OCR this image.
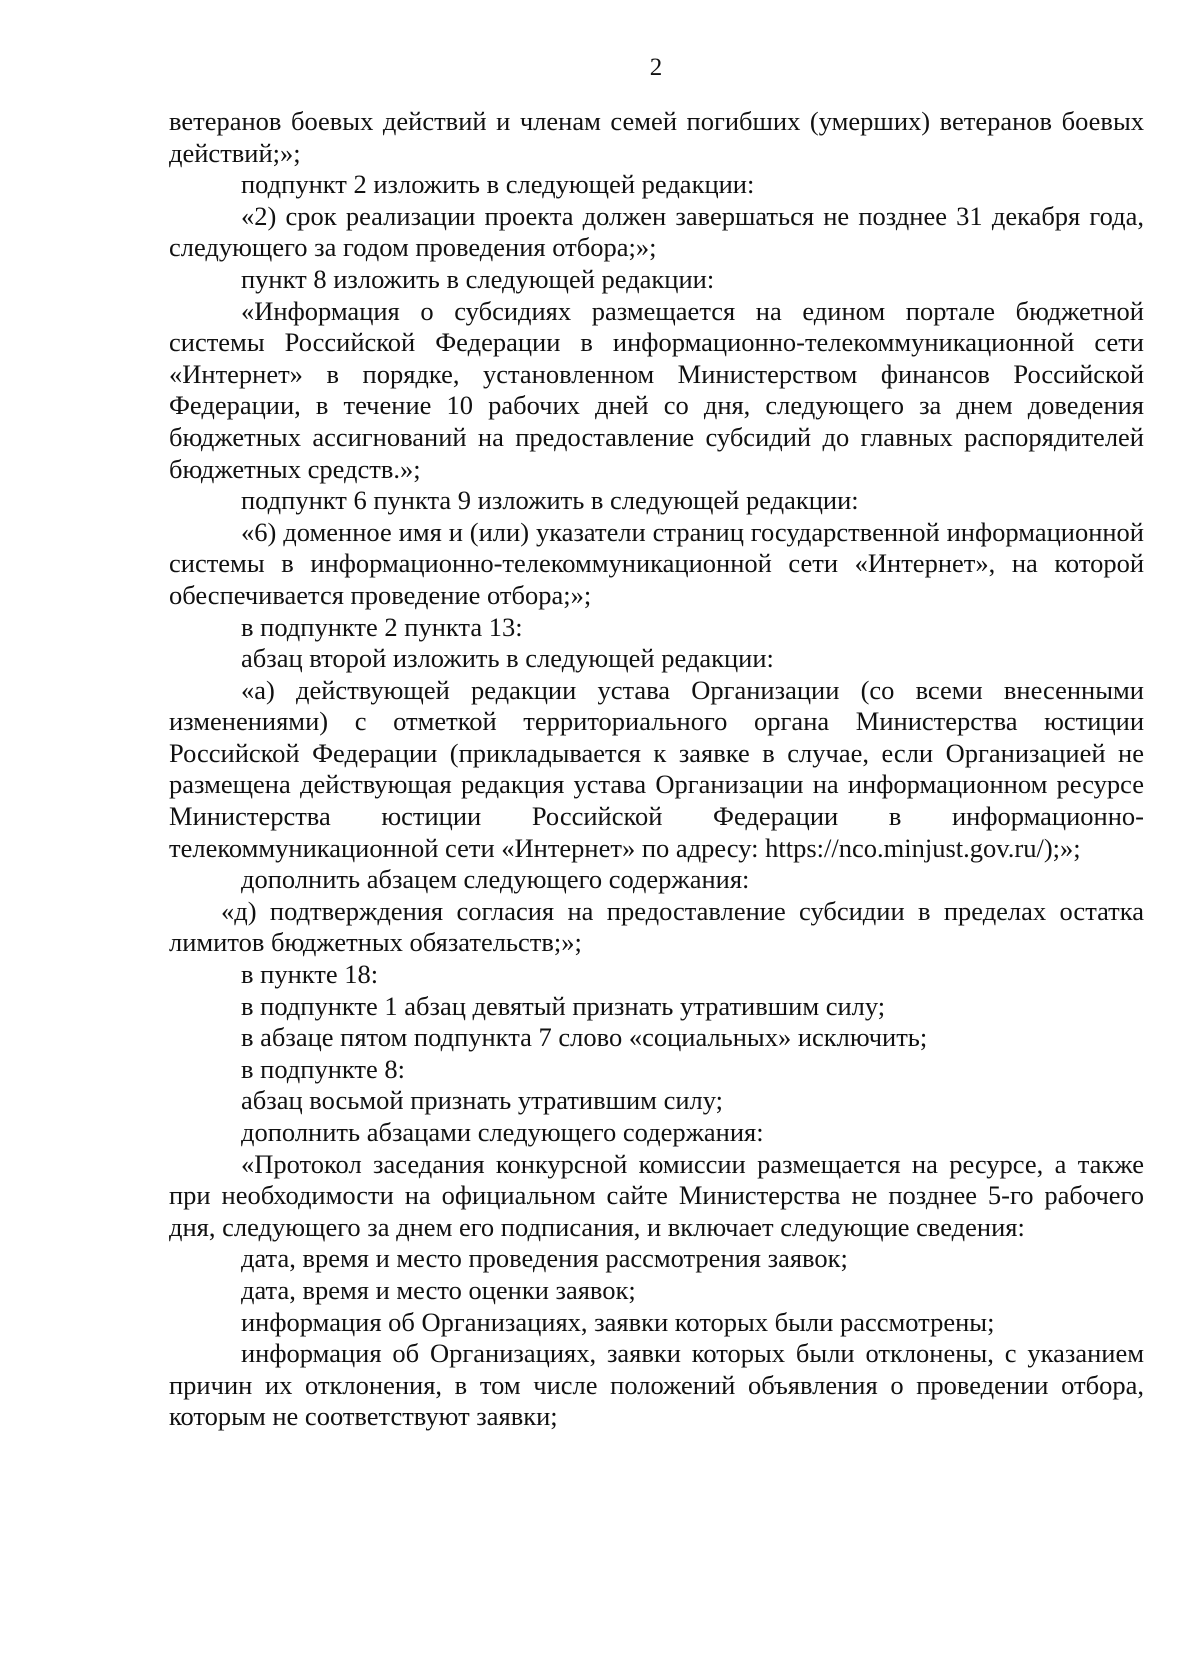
2

ветеранов боевых действий и членам семей погибших (умерших) ветеранов боевых действий;»;

подпункт 2 изложить в следующей редакции:

«2) срок реализации проекта должен завершаться не позднее 31 декабря года, следующего за годом проведения отбора;»;

пункт 8 изложить в следующей редакции:

«Информация о субсидиях размещается на едином портале бюджетной системы Российской Федерации в информационно-телекоммуникационной сети «Интернет» в порядке, установленном Министерством финансов Российской Федерации, в течение 10 рабочих дней со дня, следующего за днем доведения бюджетных ассигнований на предоставление субсидий до главных распорядителей бюджетных средств.»;

подпункт 6 пункта 9 изложить в следующей редакции:

«6) доменное имя и (или) указатели страниц государственной информационной системы в информационно-телекоммуникационной сети «Интернет», на которой обеспечивается проведение отбора;»;

в подпункте 2 пункта 13:

абзац второй изложить в следующей редакции:

«а) действующей редакции устава Организации (со всеми внесенными изменениями) с отметкой территориального органа Министерства юстиции Российской Федерации (прикладывается к заявке в случае, если Организацией не размещена действующая редакция устава Организации на информационном ресурсе Министерства юстиции Российской Федерации в информационно-телекоммуникационной сети «Интернет» по адресу: https://nco.minjust.gov.ru/);»;

дополнить абзацем следующего содержания:

«д) подтверждения согласия на предоставление субсидии в пределах остатка лимитов бюджетных обязательств;»;

в пункте 18:

в подпункте 1 абзац девятый признать утратившим силу;

в абзаце пятом подпункта 7 слово «социальных» исключить;

в подпункте 8:

абзац восьмой признать утратившим силу;

дополнить абзацами следующего содержания:

«Протокол заседания конкурсной комиссии размещается на ресурсе, а также при необходимости на официальном сайте Министерства не позднее 5-го рабочего дня, следующего за днем его подписания, и включает следующие сведения:

дата, время и место проведения рассмотрения заявок;

дата, время и место оценки заявок;

информация об Организациях, заявки которых были рассмотрены;

информация об Организациях, заявки которых были отклонены, с указанием причин их отклонения, в том числе положений объявления о проведении отбора, которым не соответствуют заявки;
